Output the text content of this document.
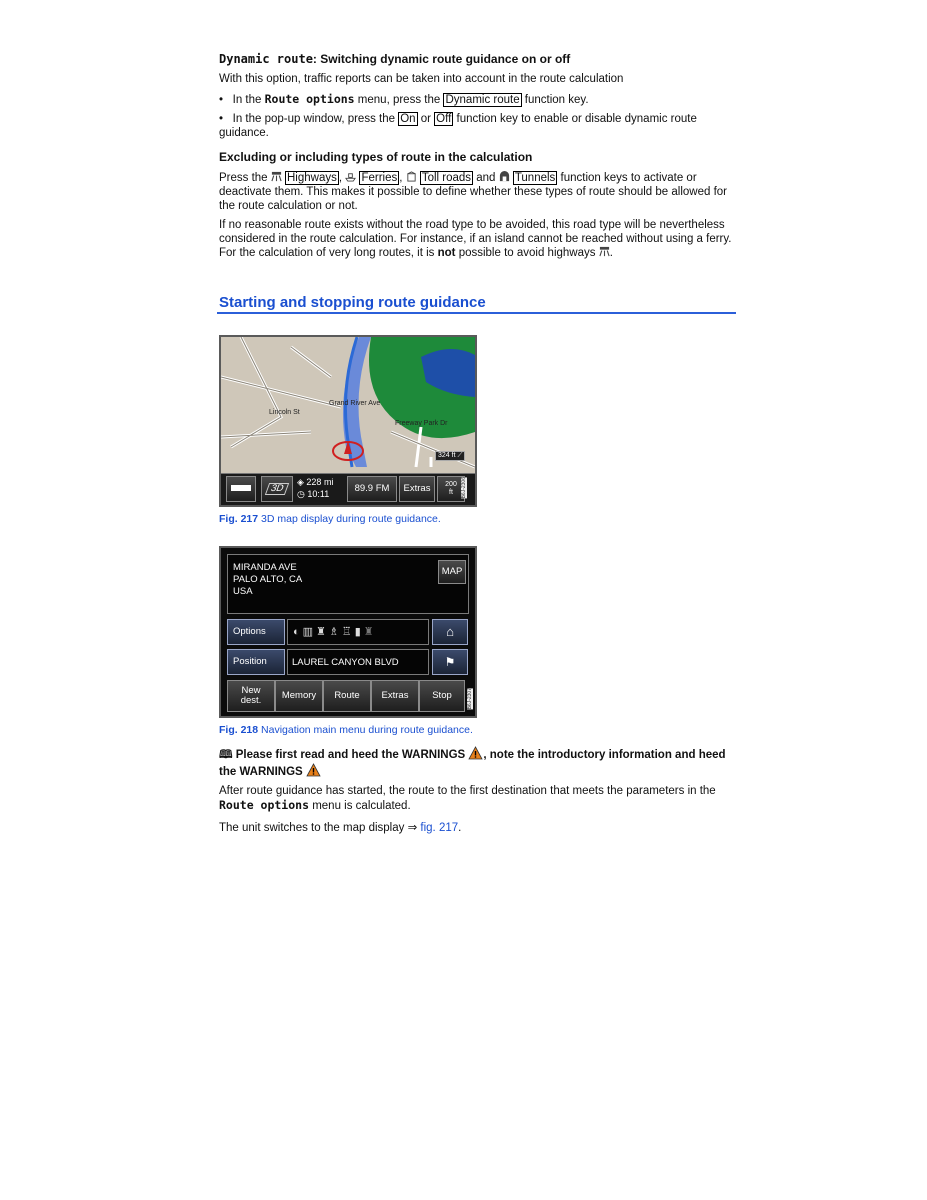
Dynamic route: Switching dynamic route guidance on or off

With this option, traffic reports can be taken into account in the route calculation

•   In the Route options menu, press the Dynamic route function key.

•   In the pop-up window, press the On or Off function key to enable or disable dynamic route guidance.

Excluding or including types of route in the calculation

Press the  Highways ,  Ferries ,  Toll roads and  Tunnels function keys to activate or deactivate them. This makes it possible to define whether these types of route should be allowed for the route calculation or not.

If no reasonable route exists without the road type to be avoided, this road type will be nevertheless considered in the route calculation. For instance, if an island cannot be reached without using a ferry. For the calculation of very long routes, it is not possible to avoid highways .

Starting and stopping route guidance
Grand River Ave
Lincoln St
Freeway Park Dr
324 ft ⟋
3D
◈ 228 mi
◷ 10:11	89.9 FM Extras 200
ft B6J-2306
Fig. 217 3D map display during route guidance.
MIRANDA AVE
PALO ALTO, CA
USA
MAP
Options	◐▥♜♗♖▮♜	⌂
Position	LAUREL CANYON BLVD	⚑
New dest.	Memory Route Extras	Stop	B6J-2307
Fig. 218 Navigation main menu during route guidance.
🕮 Please first read and heed the WARNINGS , note the introductory information and heed
the WARNINGS

After route guidance has started, the route to the first destination that meets the parameters in the Route options menu is calculated.

The unit switches to the map display ⇒ fig. 217.
